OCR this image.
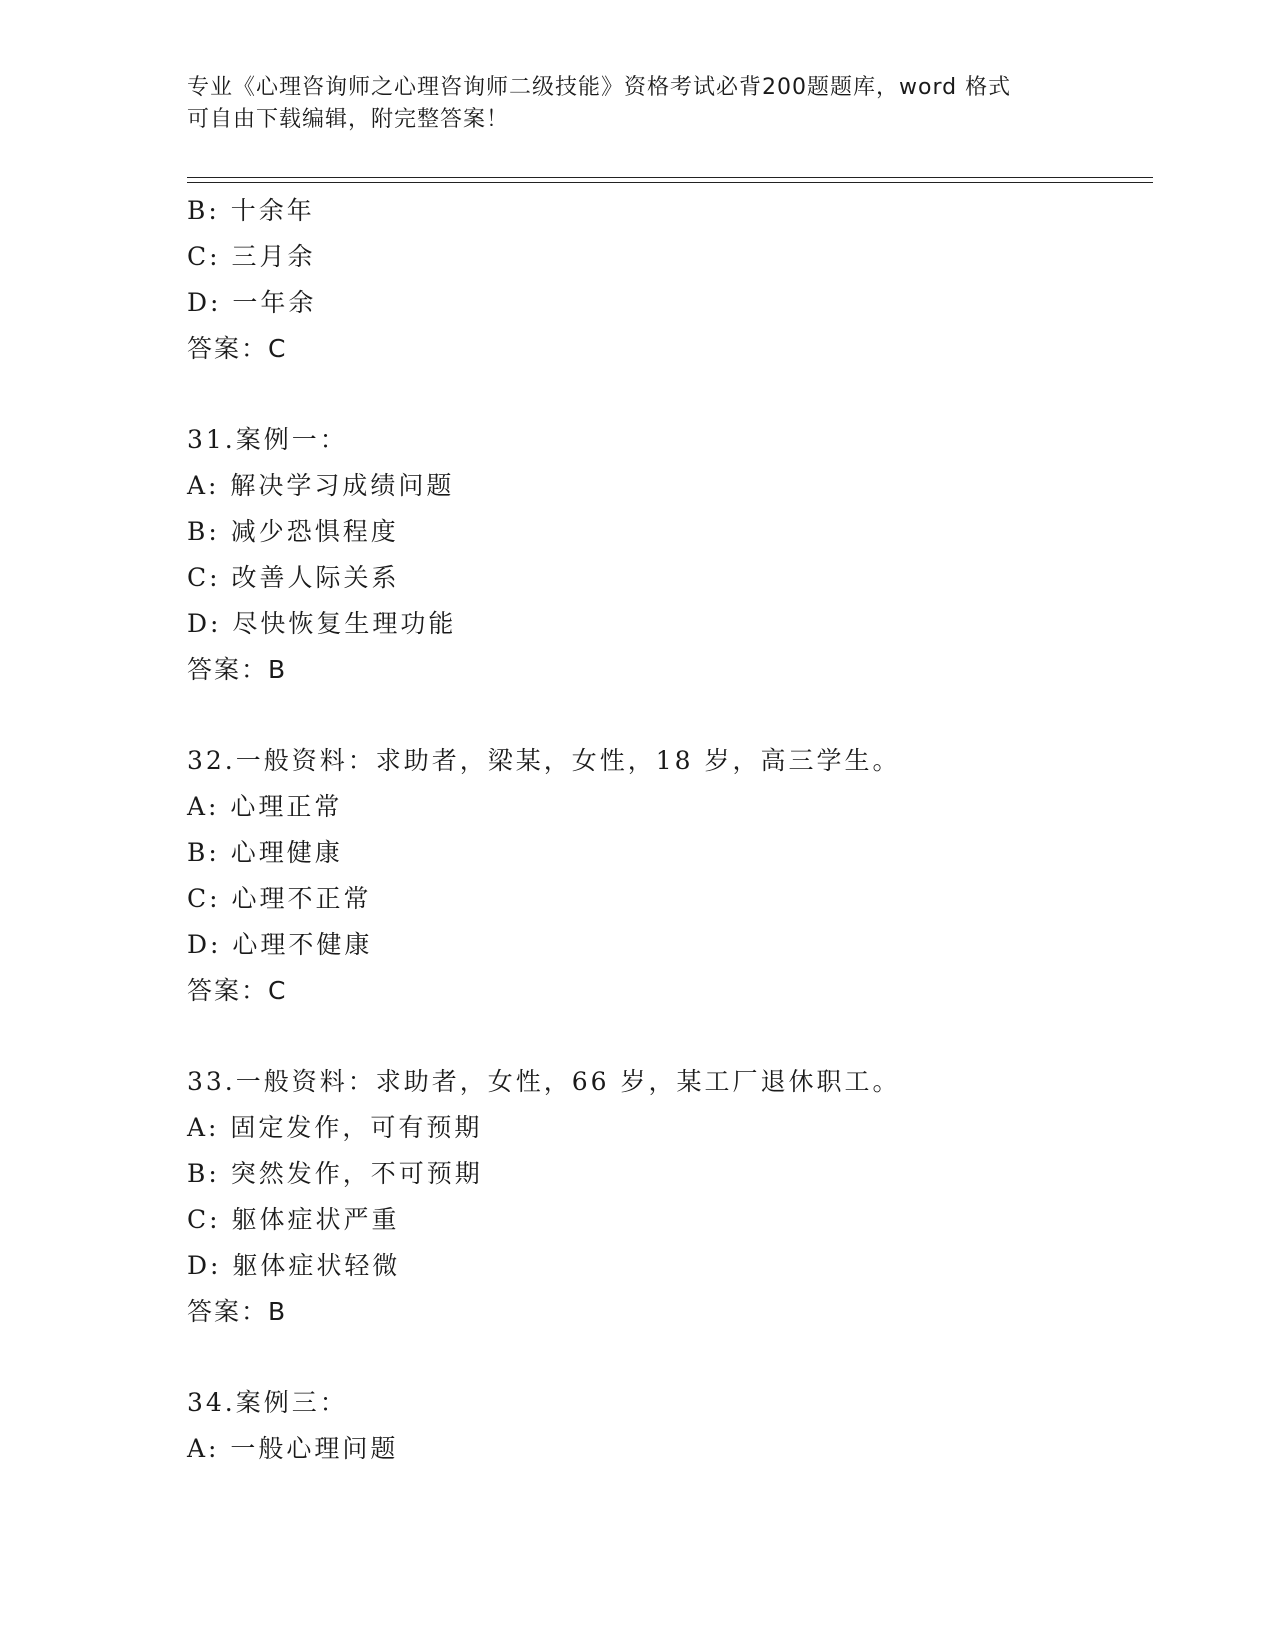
专业《心理咨询师之心理咨询师二级技能》资格考试必背200题题库，word 格式
可自由下载编辑，附完整答案！
B: 十余年
C: 三月余
D: 一年余
答案：C
31.案例一：
A: 解决学习成绩问题
B: 减少恐惧程度
C: 改善人际关系
D: 尽快恢复生理功能
答案：B
32.一般资料：求助者，梁某，女性，18 岁，高三学生。
A: 心理正常
B: 心理健康
C: 心理不正常
D: 心理不健康
答案：C
33.一般资料：求助者，女性，66 岁，某工厂退休职工。
A: 固定发作，可有预期
B: 突然发作，不可预期
C: 躯体症状严重
D: 躯体症状轻微
答案：B
34.案例三：
A: 一般心理问题
